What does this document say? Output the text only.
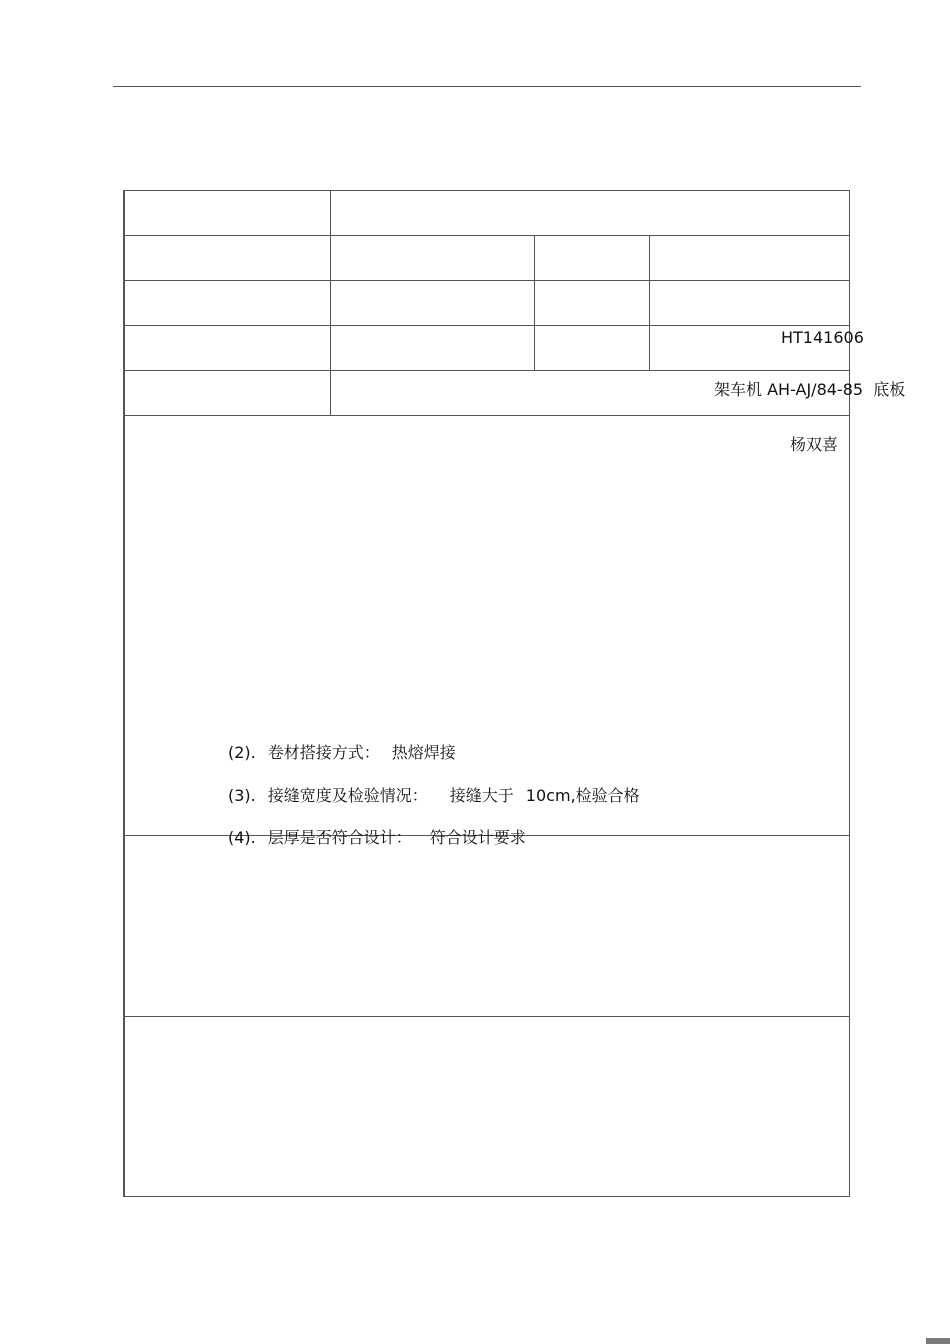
HT141606
架车机 AH-AJ/84-85 底板
杨双喜
(2). 卷材搭接方式： 热熔焊接
(3). 接缝宽度及检验情况： 接缝大于 10cm,检验合格
(4). 层厚是否符合设计： 符合设计要求
